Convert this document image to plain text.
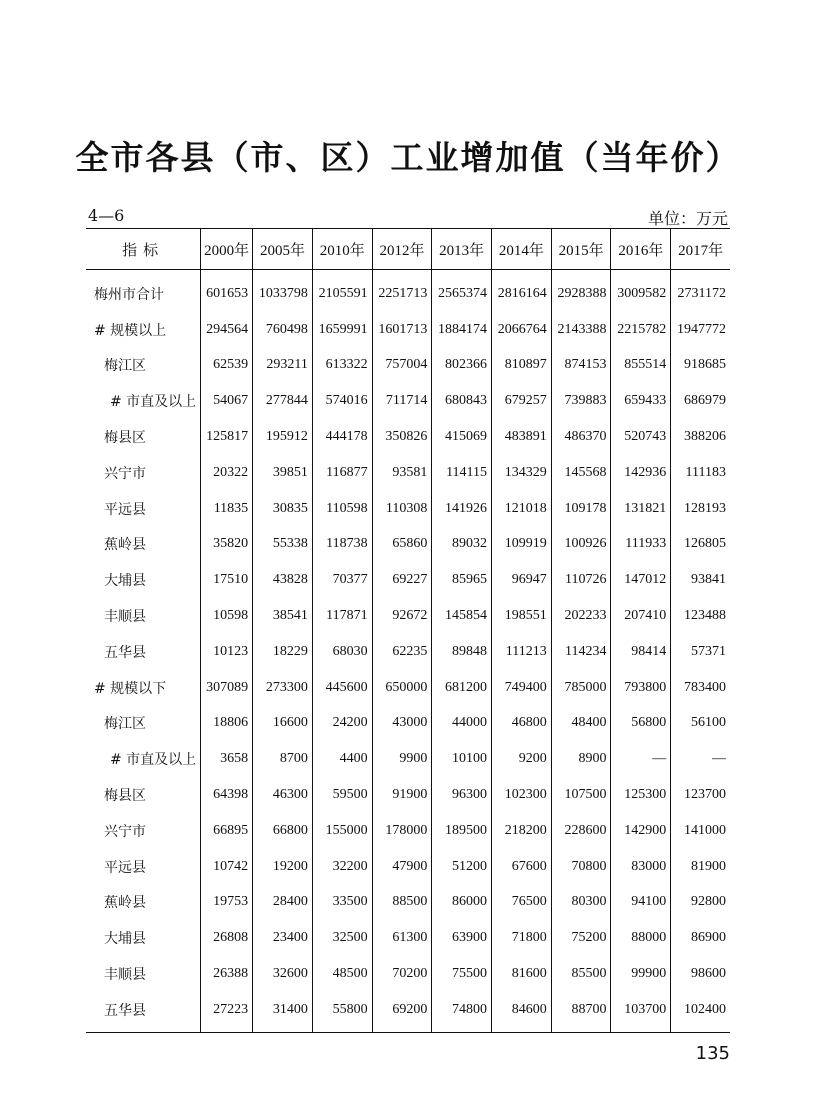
全市各县（市、区）工业增加值（当年价）
4—6	单位：万元
指标	2000年	2005年	2010年	2012年	2013年	2014年	2015年	2016年	2017年
梅州市合计	601653	1033798	2105591	2251713	2565374	2816164	2928388	3009582	2731172
# 规模以上	294564	760498	1659991	1601713	1884174	2066764	2143388	2215782	1947772
梅江区	62539	293211	613322	757004	802366	810897	874153	855514	918685
# 市直及以上	54067	277844	574016	711714	680843	679257	739883	659433	686979
梅县区	125817	195912	444178	350826	415069	483891	486370	520743	388206
兴宁市	20322	39851	116877	93581	114115	134329	145568	142936	111183
平远县	11835	30835	110598	110308	141926	121018	109178	131821	128193
蕉岭县	35820	55338	118738	65860	89032	109919	100926	111933	126805
大埔县	17510	43828	70377	69227	85965	96947	110726	147012	93841
丰顺县	10598	38541	117871	92672	145854	198551	202233	207410	123488
五华县	10123	18229	68030	62235	89848	111213	114234	98414	57371
# 规模以下	307089	273300	445600	650000	681200	749400	785000	793800	783400
梅江区	18806	16600	24200	43000	44000	46800	48400	56800	56100
# 市直及以上	3658	8700	4400	9900	10100	9200	8900	—	—
梅县区	64398	46300	59500	91900	96300	102300	107500	125300	123700
兴宁市	66895	66800	155000	178000	189500	218200	228600	142900	141000
平远县	10742	19200	32200	47900	51200	67600	70800	83000	81900
蕉岭县	19753	28400	33500	88500	86000	76500	80300	94100	92800
大埔县	26808	23400	32500	61300	63900	71800	75200	88000	86900
丰顺县	26388	32600	48500	70200	75500	81600	85500	99900	98600
五华县	27223	31400	55800	69200	74800	84600	88700	103700	102400
135
